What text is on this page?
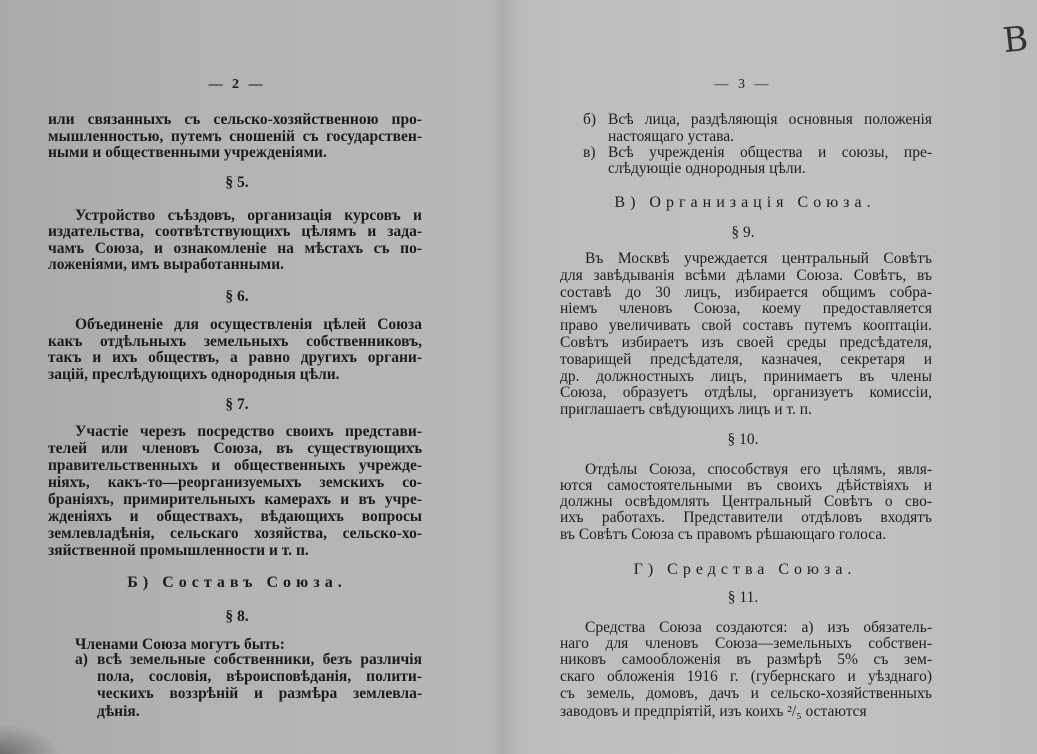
— 2 —
или связанныхъ съ сельско-хозяйственною про-
мышленностью, путемъ сношеній съ государствен-
ными и общественными учрежденіями.
§ 5.
Устройство съѣздовъ, организація курсовъ и
издательства, соотвѣтствующихъ цѣлямъ и зада-
чамъ Союза, и ознакомленіе на мѣстахъ съ по-
ложеніями, имъ выработанными.
§ 6.
Объединеніе для осуществленія цѣлей Союза
какъ отдѣльныхъ земельныхъ собственниковъ,
такъ и ихъ обществъ, а равно другихъ органи-
зацій, преслѣдующихъ однородныя цѣли.
§ 7.
Участіе черезъ посредство своихъ представи-
телей или членовъ Союза, въ существующихъ
правительственныхъ и общественныхъ учрежде-
ніяхъ, какъ-то—реорганизуемыхъ земскихъ со-
браніяхъ, примирительныхъ камерахъ и въ учре-
жденіяхъ и обществахъ, вѣдающихъ вопросы
землевладѣнія, сельскаго хозяйства, сельско-хо-
зяйственной промышленности и т. п.
Б) Составъ Союза.
§ 8.
Членами Союза могутъ быть:
а) всѣ земельные собственники, безъ различія
пола, сословія, вѣроисповѣданія, полити-
ческихъ воззрѣній и размѣра землевла-
дѣнія.
— 3 —
б) Всѣ лица, раздѣляющія основныя положенія
настоящаго устава.
в) Всѣ учрежденія общества и союзы, пре-
слѣдующіе однородныя цѣли.
В) Организація Союза.
§ 9.
Въ Москвѣ учреждается центральный Совѣтъ
для завѣдыванія всѣми дѣлами Союза. Совѣтъ, въ
составѣ до 30 лицъ, избирается общимъ собра-
ніемъ членовъ Союза, коему предоставляется
право увеличивать свой составъ путемъ кооптаціи.
Совѣтъ избираетъ изъ своей среды предсѣдателя,
товарищей предсѣдателя, казначея, секретаря и
др. должностныхъ лицъ, принимаетъ въ члены
Союза, образуетъ отдѣлы, организуетъ комиссіи,
приглашаетъ свѣдующихъ лицъ и т. п.
§ 10.
Отдѣлы Союза, способствуя его цѣлямъ, явля-
ются самостоятельными въ своихъ дѣйствіяхъ и
должны освѣдомлять Центральный Совѣтъ о сво-
ихъ работахъ. Представители отдѣловъ входятъ
въ Совѣтъ Союза съ правомъ рѣшающаго голоса.
Г) Средства Союза.
§ 11.
Средства Союза создаются: а) изъ обязатель-
наго для членовъ Союза—земельныхъ собствен-
никовъ самообложенія въ размѣрѣ 5% съ зем-
скаго обложенія 1916 г. (губернскаго и уѣзднаго)
съ земель, домовъ, дачъ и сельско-хозяйственныхъ
заводовъ и предпріятій, изъ коихъ ²/₅ остаются
В
